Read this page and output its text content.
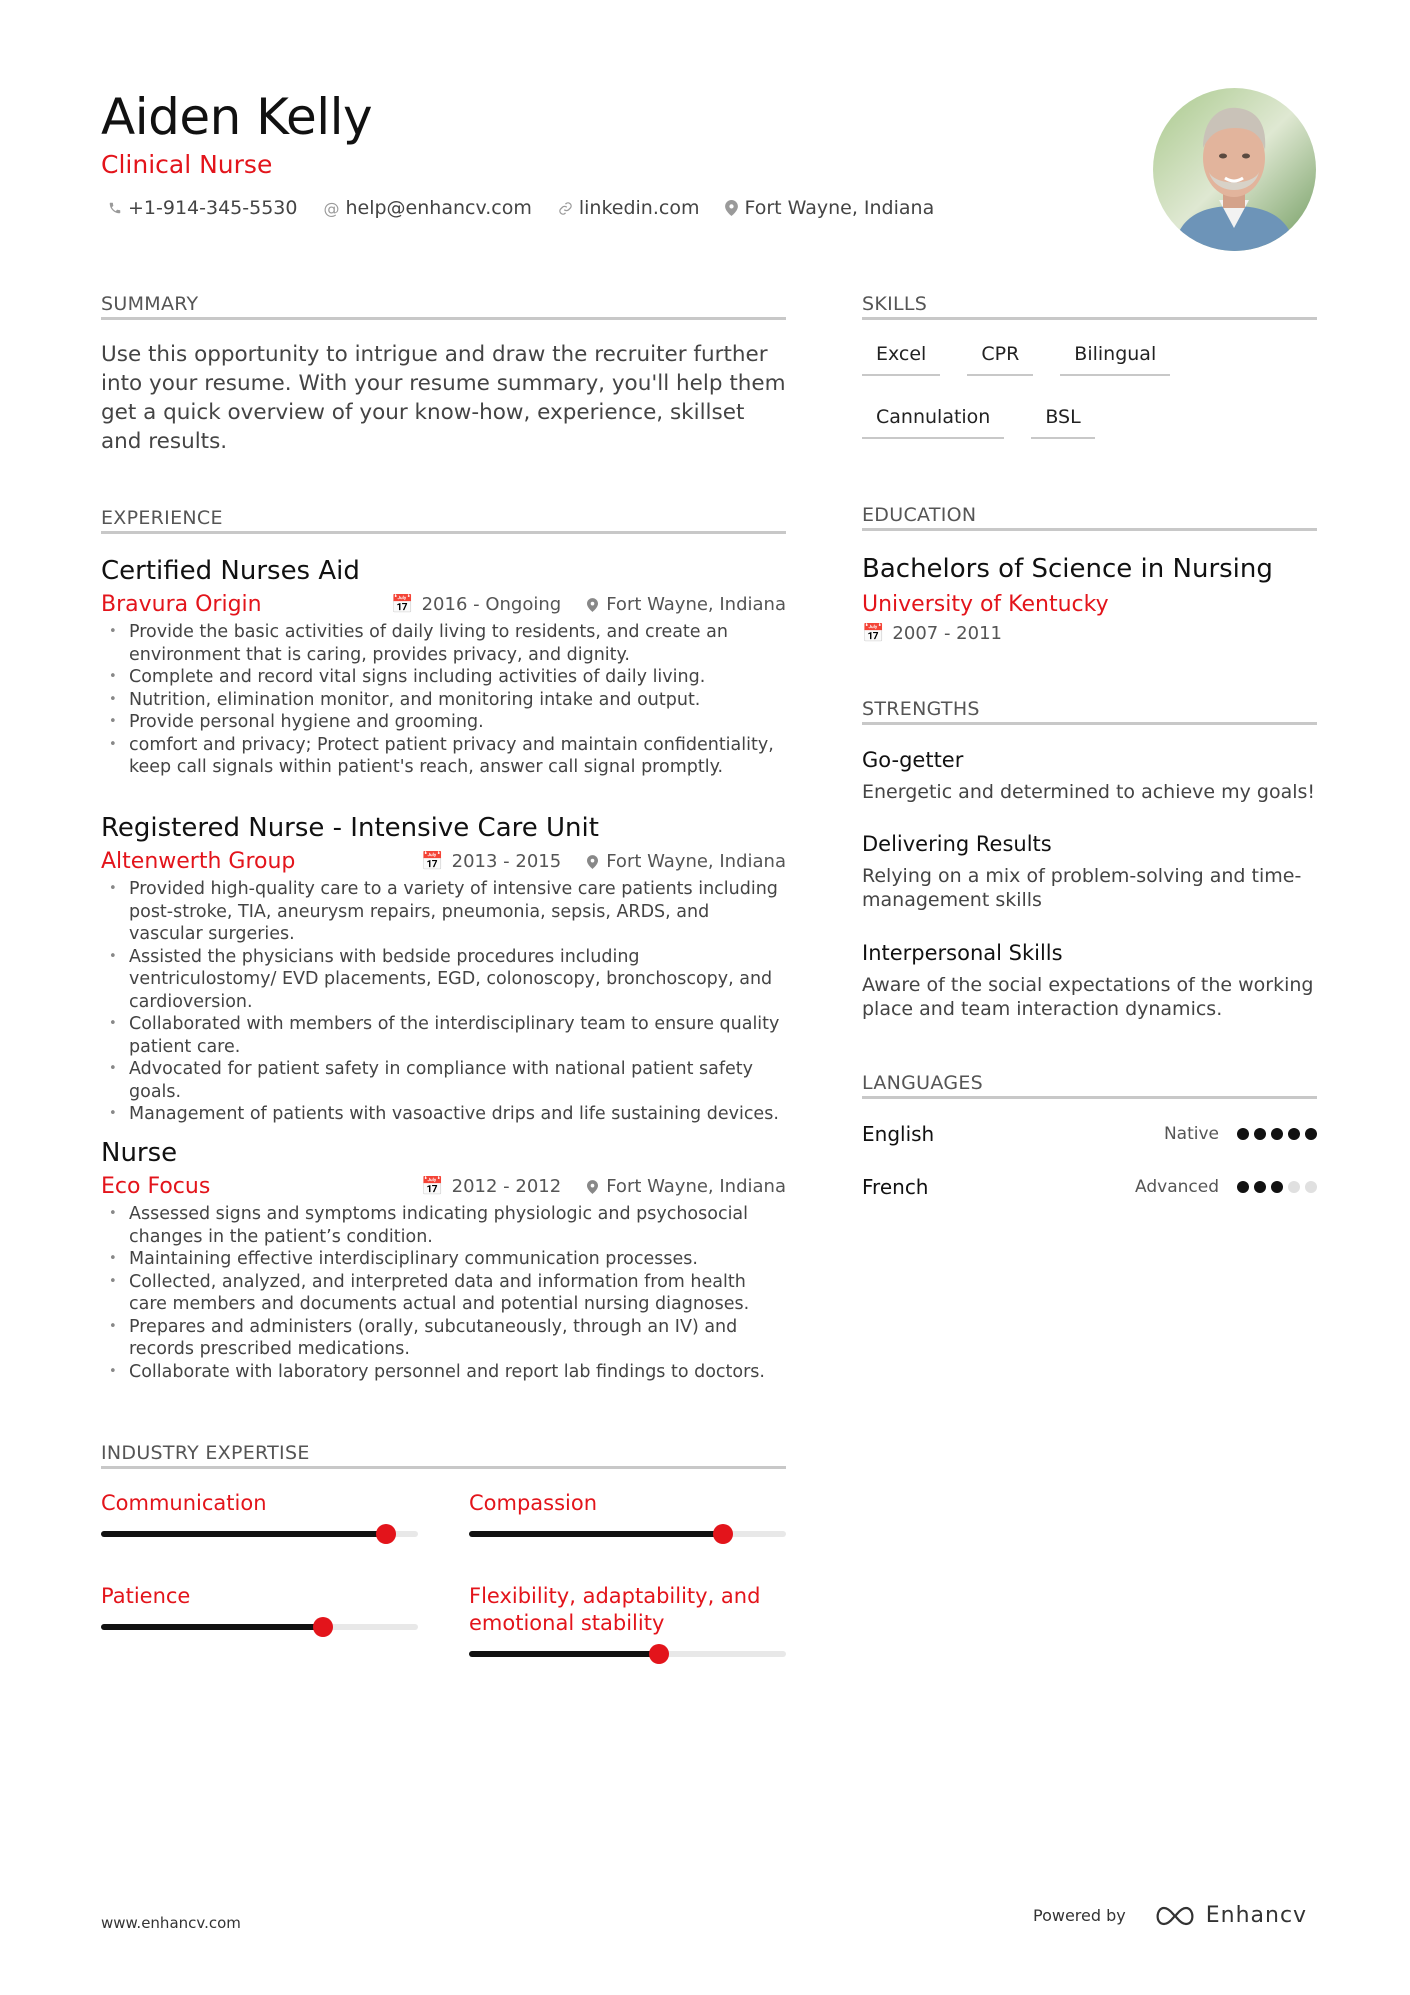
Aiden Kelly
Clinical Nurse
+1-914-345-5530 @ help@enhancv.com linkedin.com Fort Wayne, Indiana
SUMMARY

Use this opportunity to intrigue and draw the recruiter further into your resume. With your resume summary, you'll help them get a quick overview of your know-how, experience, skillset and results.

EXPERIENCE
Certified Nurses Aid
Bravura Origin	📅 2016 - Ongoing	Fort Wayne, Indiana
• Provide the basic activities of daily living to residents, and create an environment that is caring, provides privacy, and dignity.
• Complete and record vital signs including activities of daily living.
• Nutrition, elimination monitor, and monitoring intake and output.
• Provide personal hygiene and grooming.
• comfort and privacy; Protect patient privacy and maintain confidentiality, keep call signals within patient's reach, answer call signal promptly.
Registered Nurse - Intensive Care Unit
Altenwerth Group	📅 2013 - 2015	Fort Wayne, Indiana
• Provided high-quality care to a variety of intensive care patients including post-stroke, TIA, aneurysm repairs, pneumonia, sepsis, ARDS, and vascular surgeries.
• Assisted the physicians with bedside procedures including ventriculostomy/ EVD placements, EGD, colonoscopy, bronchoscopy, and cardioversion.
• Collaborated with members of the interdisciplinary team to ensure quality patient care.
• Advocated for patient safety in compliance with national patient safety goals.
• Management of patients with vasoactive drips and life sustaining devices.
Nurse
Eco Focus	📅 2012 - 2012	Fort Wayne, Indiana
• Assessed signs and symptoms indicating physiologic and psychosocial changes in the patient’s condition.
• Maintaining effective interdisciplinary communication processes.
• Collected, analyzed, and interpreted data and information from health care members and documents actual and potential nursing diagnoses.
• Prepares and administers (orally, subcutaneously, through an IV) and records prescribed medications.
• Collaborate with laboratory personnel and report lab findings to doctors.
INDUSTRY EXPERTISE
Communication	Compassion
Patience	Flexibility, adaptability, and emotional stability
SKILLS
Excel	CPR	Bilingual
Cannulation	BSL
EDUCATION
Bachelors of Science in Nursing
University of Kentucky
📅 2007 - 2011
STRENGTHS
Go-getter
Energetic and determined to achieve my goals!
Delivering Results
Relying on a mix of problem-solving and time-management skills
Interpersonal Skills
Aware of the social expectations of the working place and team interaction dynamics.
LANGUAGES
English	Native
French	Advanced
www.enhancv.com	Powered by	Enhancv
